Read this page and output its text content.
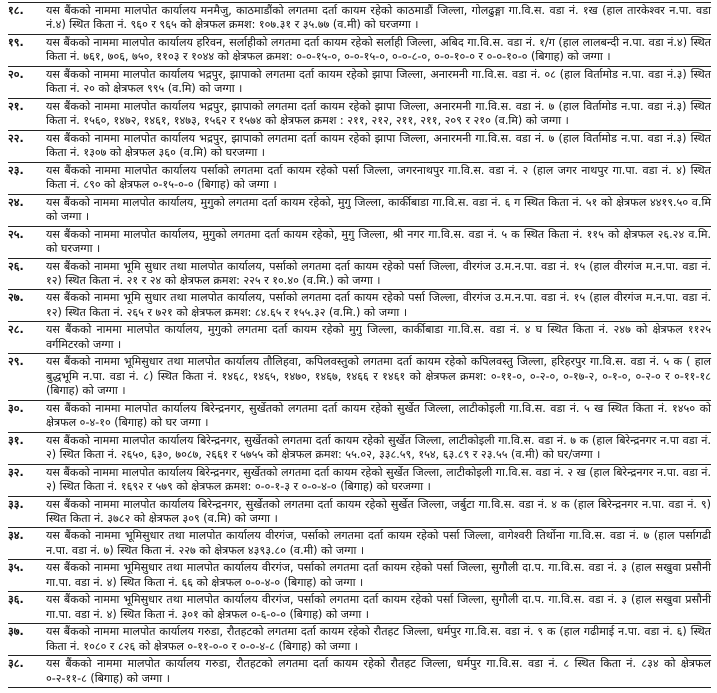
१८.	यस बैंकको नाममा मालपोत कार्यालय मनमैजु, काठमाडौंको लगतमा दर्ता कायम रहेको काठमाडौं जिल्ला, गोलढुङ्गा गा.वि.स. वडा नं. १ख (हाल तारकेश्वर न.पा. वडा नं.४) स्थित किता नं. ९६० र ९६५ को क्षेत्रफल क्रमश: १०७.३१ र ३५.७७ (व.मी) को घरजग्गा ।
१९.	यस बैंकको नाममा मालपोत कार्यालय हरिवन, सर्लाहीको लगतमा दर्ता कायम रहेको सर्लाही जिल्ला, अबिद गा.वि.स. वडा नं. १/ग (हाल लालबन्दी न.पा. वडा नं.४) स्थित किता नं. ७६१, ७०६, ७५०, ११०३ र १०४४ को क्षेत्रफल क्रमश: ०-०-१५-०, ०-०-१५-०, ०-०-८-०, ०-०-१०-० र ०-०-१०-० (बिगाह) को जग्गा ।
२०.	यस बैंकको नाममा मालपोत कार्यालय भद्रपुर, झापाको लगतमा दर्ता कायम रहेको झापा जिल्ला, अनारमनी गा.वि.स. वडा नं. ०८ (हाल विर्तामोड न.पा. वडा नं.३) स्थित किता नं. २० को क्षेत्रफल ९९५ (व.मि) को जग्गा ।
२१.	यस बैंकको नाममा मालपोत कार्यालय भद्रपुर, झापाको लगतमा दर्ता कायम रहेको झापा जिल्ला, अनारमनी गा.वि.स. वडा नं. ७ (हाल विर्तामोड न.पा. वडा नं.३) स्थित किता नं. १५६०, १४७२, १४६१, १४७३, १५६२ र १५७४ को क्षेत्रफल क्रमश : २११, २१२, २११, २११, २०९ र २१० (व.मि) को जग्गा ।
२२.	यस बैंकको नाममा मालपोत कार्यालय भद्रपुर, झापाको लगतमा दर्ता कायम रहेको झापा जिल्ला, अनारमनी गा.वि.स. वडा नं. ७ (हाल विर्तामोड न.पा. वडा नं.३) स्थित किता नं. १३०७ को क्षेत्रफल ३६० (व.मि) को घरजग्गा ।
२३.	यस बैंकको नाममा मालपोत कार्यालय पर्साको लगतमा दर्ता कायम रहेको पर्सा जिल्ला, जगरनाथपुर गा.वि.स. वडा नं. २ (हाल जगर नाथपुर गा.पा. वडा नं. ४) स्थित किता नं. ८९० को क्षेत्रफल ०-१५-०-० (बिगाह) को जग्गा ।
२४.	यस बैंकको नाममा मालपोत कार्यालय, मुगुको लगतमा दर्ता कायम रहेको, मुगु जिल्ला, कार्कीबाडा गा.वि.स. वडा नं. ६ ग स्थित किता नं. ५१ को क्षेत्रफल ४४१९.५० व.मि को जग्गा ।
२५.	यस बैंकको नाममा मालपोत कार्यालय, मुगुको लगतमा दर्ता कायम रहेको, मुगु जिल्ला, श्री नगर गा.वि.स. वडा नं. ५ क स्थित किता नं. ११५ को क्षेत्रफल २६.२४ व.मि. को घरजग्गा ।
२६.	यस बैंकको नाममा भूमि सुधार तथा मालपोत कार्यालय, पर्साको लगतमा दर्ता कायम रहेको पर्सा जिल्ला, वीरगंज उ.म.न.पा. वडा नं. १५ (हाल वीरगंज म.न.पा. वडा नं. १२) स्थित किता नं. २१ र २४ को क्षेत्रफल क्रमश: २२५ र १०.४० (व.मि.) को जग्गा ।
२७.	यस बैंकको नाममा भूमि सुधार तथा मालपोत कार्यालय, पर्साको लगतमा दर्ता कायम रहेको पर्सा जिल्ला, वीरगंज उ.म.न.पा. वडा नं. १५ (हाल वीरगंज म.न.पा. वडा नं. १२) स्थित किता नं. २६५ र ७२१ को क्षेत्रफल क्रमश: ८४.६५ र १५५.३२ (व.मि.) को जग्गा ।
२८.	यस बैंकको नाममा मालपोत कार्यालय, मुगुको लगतमा दर्ता कायम रहेको मुगु जिल्ला, कार्कीबाडा गा.वि.स. वडा नं. ४ घ स्थित किता नं. २४७ को क्षेत्रफल ११२५ वर्गमिटरको जग्गा ।
२९.	यस बैंकको नाममा भूमिसुधार तथा मालपोत कार्यालय तौलिहवा, कपिलवस्तुको लगतमा दर्ता कायम रहेको कपिलवस्तु जिल्ला, हरिहरपुर गा.वि.स. वडा नं. ५ क ( हाल बुद्धभूमि न.पा. वडा नं. ८) स्थित किता नं. १४६८, १४६५, १४७०, १४६७, १४६६ र १४६१ को क्षेत्रफल क्रमश: ०-११-०, ०-२-०, ०-१७-२, ०-१-०, ०-२-० र ०-११-१८ (बिगाह) को जग्गा ।
३०.	यस बैंकको नाममा मालपोत कार्यालय बिरेन्द्रनगर, सुर्खेतको लगतमा दर्ता कायम रहेको सुर्खेत जिल्ला, लाटीकोइली गा.वि.स. वडा नं. ५ ख स्थित किता नं. १४५० को क्षेत्रफल ०-४-१० (बिगाह) को घर जग्गा ।
३१.	यस बैंकको नाममा मालपोत कार्यालय बिरेन्द्रनगर, सुर्खेतको लगतमा दर्ता कायम रहेको सुर्खेत जिल्ला, लाटीकोइली गा.वि.स. वडा नं. ७ क (हाल बिरेन्द्रनगर न.पा वडा नं. २) स्थित किता नं. २६५०, ६३०, ७०८७, २६६१ र ५७५५ को क्षेत्रफल क्रमश: ५५.०२, ३३८.५९, १५४, ६३.८९ र २३.५५ (व.मी) को घर/जग्गा ।
३२.	यस बैंकको नाममा मालपोत कार्यालय बिरेन्द्रनगर, सुर्खेतको लगतमा दर्ता कायम रहेको सुर्खेत जिल्ला, लाटीकोइली गा.वि.स. वडा नं. २ ख (हाल बिरेन्द्रनगर न.पा. वडा नं. २) स्थित किता नं. १६९२ र ५७९ को क्षेत्रफल क्रमश: ०-०-१-३ र ०-०-४-० (बिगाह) को घरजग्गा ।
३३.	यस बैंकको नाममा मालपोत कार्यालय बिरेन्द्रनगर, सुर्खेतको लगतमा दर्ता कायम रहेको सुर्खेत जिल्ला, जर्बुटा गा.वि.स. वडा नं. ४ क (हाल बिरेन्द्रनगर न.पा. वडा नं. ९) स्थित किता नं. ३७८२ को क्षेत्रफल ३०९ (व.मि) को जग्गा ।
३४.	यस बैंकको नाममा भूमिसुधार तथा मालपोत कार्यालय वीरगंज, पर्साको लगतमा दर्ता कायम रहेको पर्सा जिल्ला, वागेश्वरी तिर्थोना गा.वि.स. वडा नं. ७ (हाल पर्सागढी न.पा. वडा नं. ७) स्थित किता नं. २२७ को क्षेत्रफल ४३९३.८० (व.मी) को जग्गा ।
३५.	यस बैंकको नाममा भूमिसुधार तथा मालपोत कार्यालय वीरगंज, पर्साको लगतमा दर्ता कायम रहेको पर्सा जिल्ला, सुगौली दा.प. गा.वि.स. वडा नं. ३ (हाल सखुवा प्रसौनी गा.पा. वडा नं. ४) स्थित किता नं. ६६ को क्षेत्रफल ०-०-४-० (बिगाह) को जग्गा ।
३६.	यस बैंकको नाममा भूमिसुधार तथा मालपोत कार्यालय वीरगंज, पर्साको लगतमा दर्ता कायम रहेको पर्सा जिल्ला, सुगौली दा.प. गा.वि.स. वडा नं. ३ (हाल सखुवा प्रसौनी गा.पा. वडा नं. ४) स्थित किता नं. ३०१ को क्षेत्रफल ०-६-०-० (बिगाह) को जग्गा ।
३७.	यस बैंकको नाममा मालपोत कार्यालय गरुडा, रौतहटको लगतमा दर्ता कायम रहेको रौतहट जिल्ला, धर्मपुर गा.वि.स. वडा नं. ९ क (हाल गढीमाई न.पा. वडा नं. ६) स्थित किता नं. १०८० र ८२६ को क्षेत्रफल ०-११-०-० र ०-०-४-८ (बिगाह) को जग्गा ।
३८.	यस बैंकको नाममा मालपोत कार्यालय गरुडा, रौतहटको लगतमा दर्ता कायम रहेको रौतहट जिल्ला, धर्मपुर गा.वि.स. वडा नं. ८ स्थित किता नं. ८३४ को क्षेत्रफल ०-२-११-८ (बिगाह) को जग्गा ।
